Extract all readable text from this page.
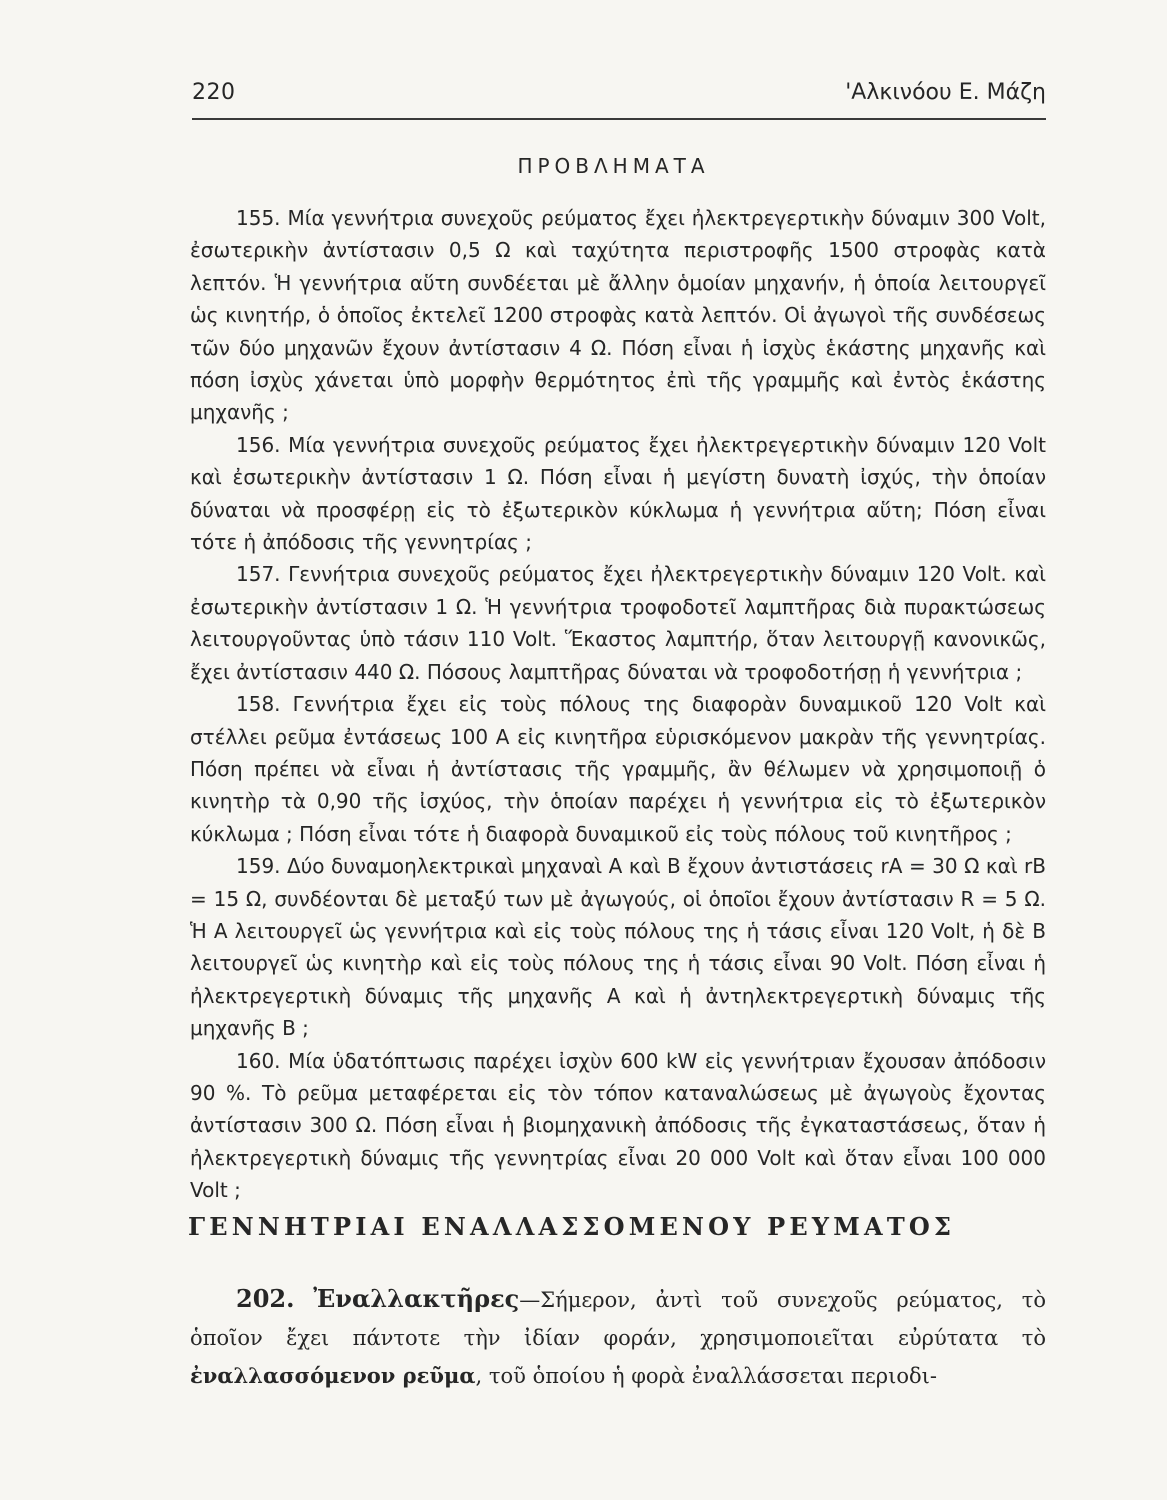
220	'Αλκινόου Ε. Μάζη
ΠΡΟΒΛΗΜΑΤΑ

155. Μία γεννήτρια συνεχοῦς ρεύματος ἔχει ἠλεκτρεγερτικὴν δύναμιν 300 Volt, ἐσωτερικὴν ἀντίστασιν 0,5 Ω καὶ ταχύτητα περιστροφῆς 1500 στροφὰς κατὰ λεπτόν. Ἡ γεννήτρια αὕτη συνδέεται μὲ ἄλλην ὁμοίαν μηχανήν, ἡ ὁποία λειτουργεῖ ὡς κινητήρ, ὁ ὁποῖος ἐκτελεῖ 1200 στροφὰς κατὰ λεπτόν. Οἱ ἀγωγοὶ τῆς συνδέσεως τῶν δύο μηχανῶν ἔχουν ἀντίστασιν 4 Ω. Πόση εἶναι ἡ ἰσχὺς ἑκάστης μηχανῆς καὶ πόση ἰσχὺς χάνεται ὑπὸ μορφὴν θερμότητος ἐπὶ τῆς γραμμῆς καὶ ἐντὸς ἑκάστης μηχανῆς ;

156. Μία γεννήτρια συνεχοῦς ρεύματος ἔχει ἠλεκτρεγερτικὴν δύναμιν 120 Volt καὶ ἐσωτερικὴν ἀντίστασιν 1 Ω. Πόση εἶναι ἡ μεγίστη δυνατὴ ἰσχύς, τὴν ὁποίαν δύναται νὰ προσφέρῃ εἰς τὸ ἐξωτερικὸν κύκλωμα ἡ γεννήτρια αὕτη; Πόση εἶναι τότε ἡ ἀπόδοσις τῆς γεννητρίας ;

157. Γεννήτρια συνεχοῦς ρεύματος ἔχει ἠλεκτρεγερτικὴν δύναμιν 120 Volt. καὶ ἐσωτερικὴν ἀντίστασιν 1 Ω. Ἡ γεννήτρια τροφοδοτεῖ λαμπτῆρας διὰ πυρακτώσεως λειτουργοῦντας ὑπὸ τάσιν 110 Volt. Ἕκαστος λαμπτήρ, ὅταν λειτουργῇ κανονικῶς, ἔχει ἀντίστασιν 440 Ω. Πόσους λαμπτῆρας δύναται νὰ τροφοδοτήσῃ ἡ γεννήτρια ;

158. Γεννήτρια ἔχει εἰς τοὺς πόλους της διαφορὰν δυναμικοῦ 120 Volt καὶ στέλλει ρεῦμα ἐντάσεως 100 Α εἰς κινητῆρα εὑρισκόμενον μακρὰν τῆς γεννητρίας. Πόση πρέπει νὰ εἶναι ἡ ἀντίστασις τῆς γραμμῆς, ἂν θέλωμεν νὰ χρησιμοποιῇ ὁ κινητὴρ τὰ 0,90 τῆς ἰσχύος, τὴν ὁποίαν παρέχει ἡ γεννήτρια εἰς τὸ ἐξωτερικὸν κύκλωμα ; Πόση εἶναι τότε ἡ διαφορὰ δυναμικοῦ εἰς τοὺς πόλους τοῦ κινητῆρος ;

159. Δύο δυναμοηλεκτρικαὶ μηχαναὶ Α καὶ Β ἔχουν ἀντιστάσεις rA = 30 Ω καὶ rB = 15 Ω, συνδέονται δὲ μεταξύ των μὲ ἀγωγούς, οἱ ὁποῖοι ἔχουν ἀντίστασιν R = 5 Ω. Ἡ Α λειτουργεῖ ὡς γεννήτρια καὶ εἰς τοὺς πόλους της ἡ τάσις εἶναι 120 Volt, ἡ δὲ Β λειτουργεῖ ὡς κινητὴρ καὶ εἰς τοὺς πόλους της ἡ τάσις εἶναι 90 Volt. Πόση εἶναι ἡ ἠλεκτρεγερτικὴ δύναμις τῆς μηχανῆς Α καὶ ἡ ἀντηλεκτρεγερτικὴ δύναμις τῆς μηχανῆς Β ;

160. Μία ὑδατόπτωσις παρέχει ἰσχὺν 600 kW εἰς γεννήτριαν ἔχουσαν ἀπόδοσιν 90 %. Τὸ ρεῦμα μεταφέρεται εἰς τὸν τόπον καταναλώσεως μὲ ἀγωγοὺς ἔχοντας ἀντίστασιν 300 Ω. Πόση εἶναι ἡ βιομηχανικὴ ἀπόδοσις τῆς ἐγκαταστάσεως, ὅταν ἡ ἠλεκτρεγερτικὴ δύναμις τῆς γεννητρίας εἶναι 20 000 Volt καὶ ὅταν εἶναι 100 000 Volt ;

ΓΕΝΝΗΤΡΙΑΙ ΕΝΑΛΛΑΣΣΟΜΕΝΟΥ ΡΕΥΜΑΤΟΣ

202. Ἐναλλακτῆρες—Σήμερον, ἀντὶ τοῦ συνεχοῦς ρεύματος, τὸ ὁποῖον ἔχει πάντοτε τὴν ἰδίαν φοράν, χρησιμοποιεῖται εὐρύτατα τὸ ἐναλλασσόμενον ρεῦμα, τοῦ ὁποίου ἡ φορὰ ἐναλλάσσεται περιοδι-
